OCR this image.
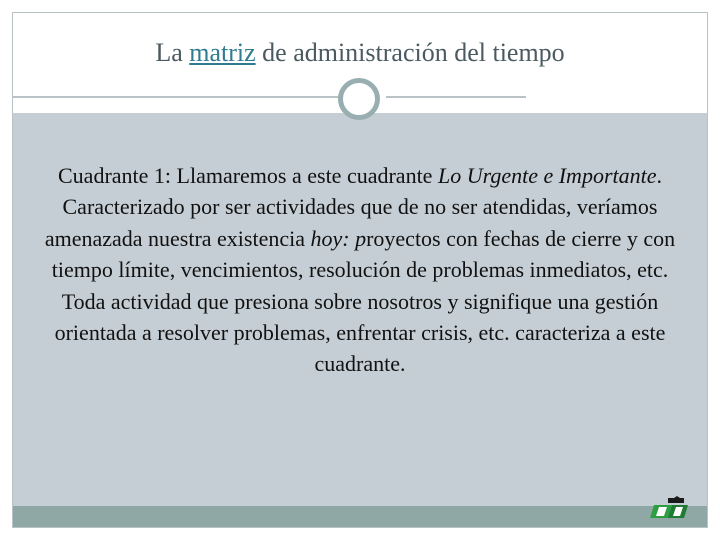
La matriz de administración del tiempo
Cuadrante 1: Llamaremos a este cuadrante Lo Urgente e Importante. Caracterizado por ser actividades que de no ser atendidas, veríamos amenazada nuestra existencia hoy: proyectos con fechas de cierre y con tiempo límite, vencimientos, resolución de problemas inmediatos, etc. Toda actividad que presiona sobre nosotros y signifique una gestión orientada a resolver problemas, enfrentar crisis, etc. caracteriza a este cuadrante.
